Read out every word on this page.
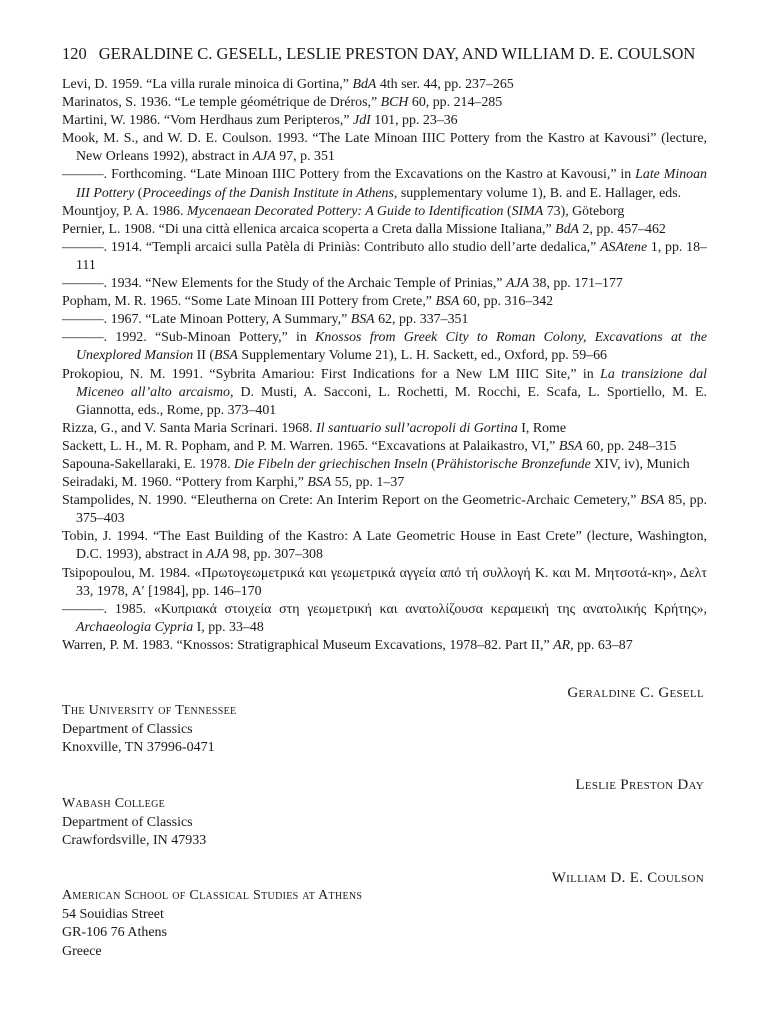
120 GERALDINE C. GESELL, LESLIE PRESTON DAY, AND WILLIAM D. E. COULSON
Levi, D. 1959. “La villa rurale minoica di Gortina,” BdA 4th ser. 44, pp. 237–265
Marinatos, S. 1936. “Le temple géométrique de Dréros,” BCH 60, pp. 214–285
Martini, W. 1986. “Vom Herdhaus zum Peripteros,” JdI 101, pp. 23–36
Mook, M. S., and W. D. E. Coulson. 1993. “The Late Minoan IIIC Pottery from the Kastro at Kavousi” (lecture, New Orleans 1992), abstract in AJA 97, p. 351
———. Forthcoming. “Late Minoan IIIC Pottery from the Excavations on the Kastro at Kavousi,” in Late Minoan III Pottery (Proceedings of the Danish Institute in Athens, supplementary volume 1), B. and E. Hallager, eds.
Mountjoy, P. A. 1986. Mycenaean Decorated Pottery: A Guide to Identification (SIMA 73), Göteborg
Pernier, L. 1908. “Di una città ellenica arcaica scoperta a Creta dalla Missione Italiana,” BdA 2, pp. 457–462
———. 1914. “Templi arcaici sulla Patèla di Priniàs: Contributo allo studio dell’arte dedalica,” ASAtene 1, pp. 18–111
———. 1934. “New Elements for the Study of the Archaic Temple of Prinias,” AJA 38, pp. 171–177
Popham, M. R. 1965. “Some Late Minoan III Pottery from Crete,” BSA 60, pp. 316–342
———. 1967. “Late Minoan Pottery, A Summary,” BSA 62, pp. 337–351
———. 1992. “Sub-Minoan Pottery,” in Knossos from Greek City to Roman Colony, Excavations at the Unexplored Mansion II (BSA Supplementary Volume 21), L. H. Sackett, ed., Oxford, pp. 59–66
Prokopiou, N. M. 1991. “Sybrita Amariou: First Indications for a New LM IIIC Site,” in La transizione dal Miceneo all’alto arcaismo, D. Musti, A. Sacconi, L. Rochetti, M. Rocchi, E. Scafa, L. Sportiello, M. E. Giannotta, eds., Rome, pp. 373–401
Rizza, G., and V. Santa Maria Scrinari. 1968. Il santuario sull’acropoli di Gortina I, Rome
Sackett, L. H., M. R. Popham, and P. M. Warren. 1965. “Excavations at Palaikastro, VI,” BSA 60, pp. 248–315
Sapouna-Sakellaraki, E. 1978. Die Fibeln der griechischen Inseln (Prähistorische Bronzefunde XIV, iv), Munich
Seiradaki, M. 1960. “Pottery from Karphi,” BSA 55, pp. 1–37
Stampolides, N. 1990. “Eleutherna on Crete: An Interim Report on the Geometric-Archaic Cemetery,” BSA 85, pp. 375–403
Tobin, J. 1994. “The East Building of the Kastro: A Late Geometric House in East Crete” (lecture, Washington, D.C. 1993), abstract in AJA 98, pp. 307–308
Tsipopoulou, M. 1984. «Πρωτογεωμετρικά και γεωμετρικά αγγεία από τή συλλογή Κ. και Μ. Μητσοτά-κη», Δελτ 33, 1978, A′ [1984], pp. 146–170
———. 1985. «Κυπριακά στοιχεία στη γεωμετρική και ανατολίζουσα κεραμεική της ανατολικής Κρήτης», Archaeologia Cypria I, pp. 33–48
Warren, P. M. 1983. “Knossos: Stratigraphical Museum Excavations, 1978–82. Part II,” AR, pp. 63–87
Geraldine C. Gesell
The University of Tennessee
Department of Classics
Knoxville, TN 37996-0471
Leslie Preston Day
Wabash College
Department of Classics
Crawfordsville, IN 47933
William D. E. Coulson
American School of Classical Studies at Athens
54 Souidias Street
GR-106 76 Athens
Greece
